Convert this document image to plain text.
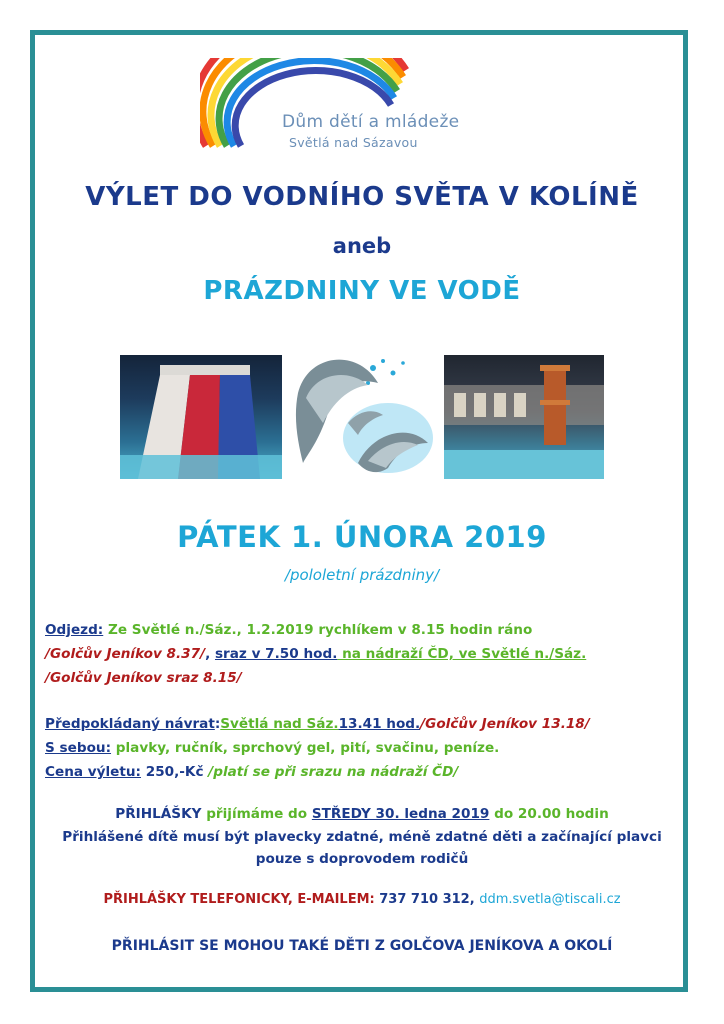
Dům dětí a mládeže
Světlá nad Sázavou
VÝLET DO VODNÍHO SVĚTA V KOLÍNĚ
aneb
PRÁZDNINY VE VODĚ
PÁTEK 1. ÚNORA 2019
/pololetní prázdniny/
Odjezd: Ze Světlé n./Sáz., 1.2.2019 rychlíkem v 8.15 hodin ráno
/Golčův Jeníkov 8.37/, sraz v 7.50 hod. na nádraží ČD, ve Světlé n./Sáz.
/Golčův Jeníkov sraz 8.15/
Předpokládaný návrat:Světlá nad Sáz.13.41 hod./Golčův Jeníkov 13.18/
S sebou: plavky, ručník, sprchový gel, pití, svačinu, peníze.
Cena výletu: 250,-Kč /platí se při srazu na nádraží ČD/
PŘIHLÁŠKY přijímáme do STŘEDY 30. ledna 2019 do 20.00 hodin
Přihlášené dítě musí být plavecky zdatné, méně zdatné děti a začínající plavci
pouze s doprovodem rodičů
PŘIHLÁŠKY TELEFONICKY, E-MAILEM: 737 710 312, ddm.svetla@tiscali.cz
PŘIHLÁSIT SE MOHOU TAKÉ DĚTI Z GOLČOVA JENÍKOVA A OKOLÍ
